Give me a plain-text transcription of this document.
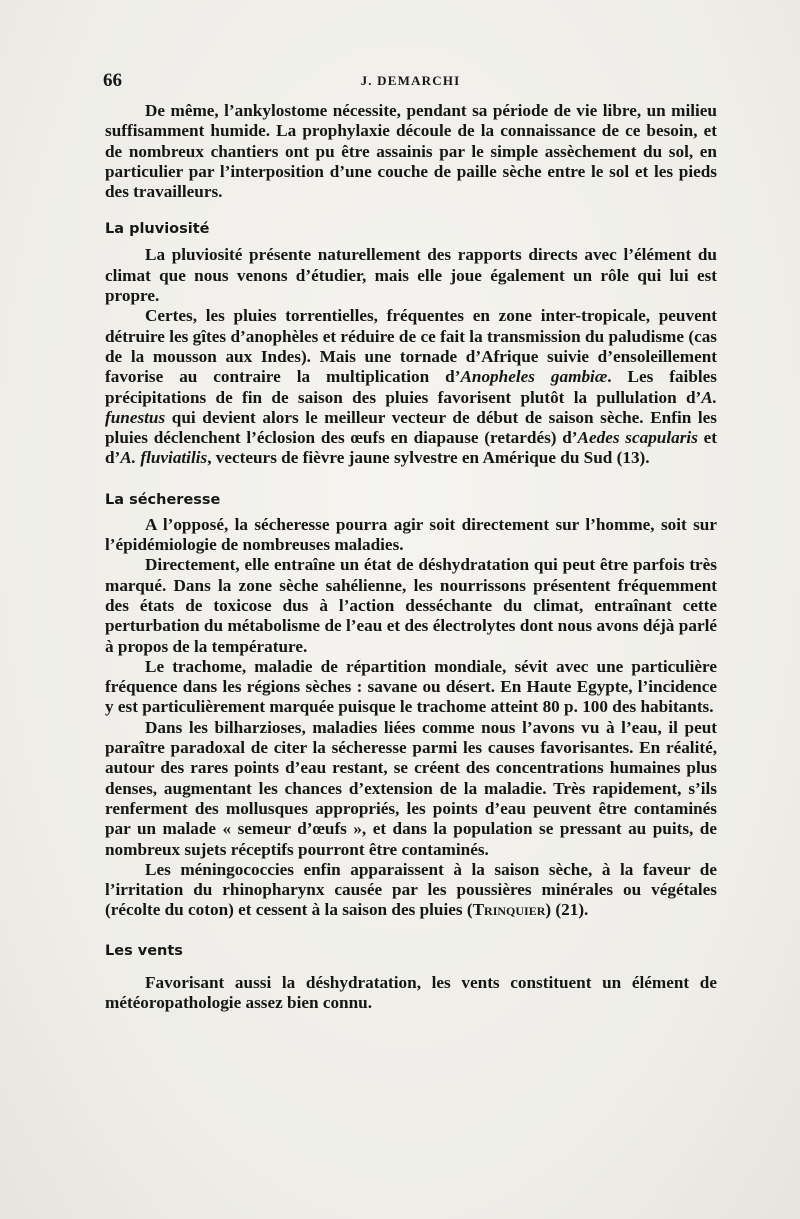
66	J. DEMARCHI

De même, l’ankylostome nécessite, pendant sa période de vie libre, un milieu suffisamment humide. La prophylaxie découle de la connaissance de ce besoin, et de nombreux chantiers ont pu être assainis par le simple assèchement du sol, en particulier par l’interposition d’une couche de paille sèche entre le sol et les pieds des travailleurs.

La pluviosité

La pluviosité présente naturellement des rapports directs avec l’élément du climat que nous venons d’étudier, mais elle joue également un rôle qui lui est propre.

Certes, les pluies torrentielles, fréquentes en zone inter-tropicale, peuvent détruire les gîtes d’anophèles et réduire de ce fait la transmission du paludisme (cas de la mousson aux Indes). Mais une tornade d’Afrique suivie d’ensoleillement favorise au contraire la multiplication d’Anopheles gambiæ. Les faibles précipitations de fin de saison des pluies favorisent plutôt la pullulation d’A. funestus qui devient alors le meilleur vecteur de début de saison sèche. Enfin les pluies déclenchent l’éclosion des œufs en diapause (retardés) d’Aedes scapularis et d’A. fluviatilis, vecteurs de fièvre jaune sylvestre en Amérique du Sud (13).

La sécheresse

A l’opposé, la sécheresse pourra agir soit directement sur l’homme, soit sur l’épidémiologie de nombreuses maladies.

Directement, elle entraîne un état de déshydratation qui peut être parfois très marqué. Dans la zone sèche sahélienne, les nourrissons présentent fréquemment des états de toxicose dus à l’action desséchante du climat, entraînant cette perturbation du métabolisme de l’eau et des électrolytes dont nous avons déjà parlé à propos de la température.

Le trachome, maladie de répartition mondiale, sévit avec une particulière fréquence dans les régions sèches : savane ou désert. En Haute Egypte, l’incidence y est particulièrement marquée puisque le trachome atteint 80 p. 100 des habitants.

Dans les bilharzioses, maladies liées comme nous l’avons vu à l’eau, il peut paraître paradoxal de citer la sécheresse parmi les causes favorisantes. En réalité, autour des rares points d’eau restant, se créent des concentrations humaines plus denses, augmentant les chances d’extension de la maladie. Très rapidement, s’ils renferment des mollusques appropriés, les points d’eau peuvent être contaminés par un malade « semeur d’œufs », et dans la population se pressant au puits, de nombreux sujets réceptifs pourront être contaminés.

Les méningococcies enfin apparaissent à la saison sèche, à la faveur de l’irritation du rhinopharynx causée par les poussières minérales ou végétales (récolte du coton) et cessent à la saison des pluies (Trinquier) (21).

Les vents

Favorisant aussi la déshydratation, les vents constituent un élément de météoropathologie assez bien connu.
